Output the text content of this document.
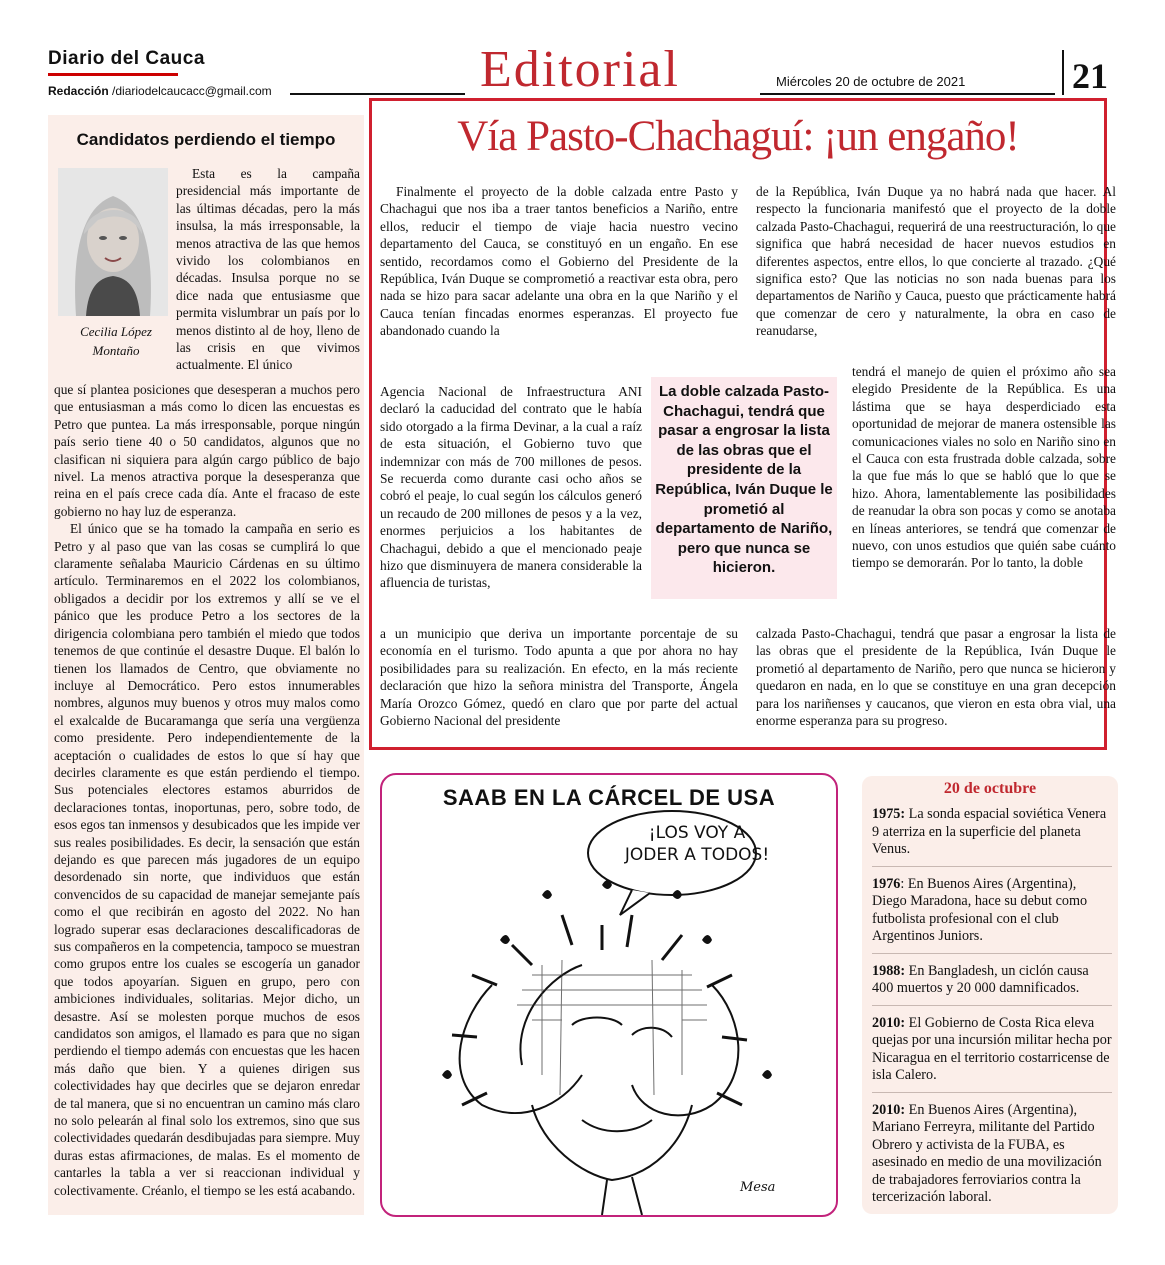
Diario del Cauca
Redacción /diariodelcaucacc@gmail.com	Editorial	Miércoles 20 de octubre de 2021	21
Candidatos perdiendo el tiempo
Cecilia López
Montaño
Esta es la campaña presidencial más importante de las últimas décadas, pero la más insulsa, la más irresponsable, la menos atractiva de las que hemos vivido los colombianos en décadas. Insulsa porque no se dice nada que entusiasme que permita vislumbrar un país por lo menos distinto al de hoy, lleno de las crisis en que vivimos actualmente. El único

que sí plantea posiciones que desesperan a muchos pero que entusiasman a más como lo dicen las encuestas es Petro que puntea. La más irresponsable, porque ningún país serio tiene 40 o 50 candidatos, algunos que no clasifican ni siquiera para algún cargo público de bajo nivel. La menos atractiva porque la desesperanza que reina en el país crece cada día. Ante el fracaso de este gobierno no hay luz de esperanza.

El único que se ha tomado la campaña en serio es Petro y al paso que van las cosas se cumplirá lo que claramente señalaba Mauricio Cárdenas en su último artículo. Terminaremos en el 2022 los colombianos, obligados a decidir por los extremos y allí se ve el pánico que les produce Petro a los sectores de la dirigencia colombiana pero también el miedo que todos tenemos de que continúe el desastre Duque. El balón lo tienen los llamados de Centro, que obviamente no incluye al Democrático. Pero estos innumerables nombres, algunos muy buenos y otros muy malos como el exalcalde de Bucaramanga que sería una vergüenza como presidente. Pero independientemente de la aceptación o cualidades de estos lo que sí hay que decirles claramente es que están perdiendo el tiempo. Sus potenciales electores estamos aburridos de declaraciones tontas, inoportunas, pero, sobre todo, de esos egos tan inmensos y desubicados que les impide ver sus reales posibilidades. Es decir, la sensación que están dejando es que parecen más jugadores de un equipo desordenado sin norte, que individuos que están convencidos de su capacidad de manejar semejante país como el que recibirán en agosto del 2022. No han logrado superar esas declaraciones descalificadoras de sus compañeros en la competencia, tampoco se muestran como grupos entre los cuales se escogería un ganador que todos apoyarían. Siguen en grupo, pero con ambiciones individuales, solitarias. Mejor dicho, un desastre. Así se molesten porque muchos de esos candidatos son amigos, el llamado es para que no sigan perdiendo el tiempo además con encuestas que les hacen más daño que bien. Y a quienes dirigen sus colectividades hay que decirles que se dejaron enredar de tal manera, que si no encuentran un camino más claro no solo pelearán al final solo los extremos, sino que sus colectividades quedarán desdibujadas para siempre. Muy duras estas afirmaciones, de malas. Es el momento de cantarles la tabla a ver si reaccionan individual y colectivamente. Créanlo, el tiempo se les está acabando.

Vía Pasto-Chachaguí: ¡un engaño!
Finalmente el proyecto de la doble calzada entre Pasto y Chachagui que nos iba a traer tantos beneficios a Nariño, entre ellos, reducir el tiempo de viaje hacia nuestro vecino departamento del Cauca, se constituyó en un engaño. En ese sentido, recordamos como el Gobierno del Presidente de la República, Iván Duque se comprometió a reactivar esta obra, pero nada se hizo para sacar adelante una obra en la que Nariño y el Cauca tenían fincadas enormes esperanzas. El proyecto fue abandonado cuando la
Agencia Nacional de Infraestructura ANI declaró la caducidad del contrato que le había sido otorgado a la firma Devinar, a la cual a raíz de esta situación, el Gobierno tuvo que indemnizar con más de 700 millones de pesos. Se recuerda como durante casi ocho años se cobró el peaje, lo cual según los cálculos generó un recaudo de 200 millones de pesos y a la vez, enormes perjuicios a los habitantes de Chachagui, debido a que el mencionado peaje hizo que disminuyera de manera considerable la afluencia de turistas,
a un municipio que deriva un importante porcentaje de su economía en el turismo. Todo apunta a que por ahora no hay posibilidades para su realización. En efecto, en la más reciente declaración que hizo la señora ministra del Transporte, Ángela María Orozco Gómez, quedó en claro que por parte del actual Gobierno Nacional del presidente
de la República, Iván Duque ya no habrá nada que hacer. Al respecto la funcionaria manifestó que el proyecto de la doble calzada Pasto-Chachagui, requerirá de una reestructuración, lo que significa que habrá necesidad de hacer nuevos estudios en diferentes aspectos, entre ellos, lo que concierte al trazado. ¿Qué significa esto? Que las noticias no son nada buenas para los departamentos de Nariño y Cauca, puesto que prácticamente habrá que comenzar de cero y naturalmente, la obra en caso de reanudarse,
tendrá el manejo de quien el próximo año sea elegido Presidente de la República. Es una lástima que se haya desperdiciado esta oportunidad de mejorar de manera ostensible las comunicaciones viales no solo en Nariño sino en el Cauca con esta frustrada doble calzada, sobre la que fue más lo que se habló que lo que se hizo. Ahora, lamentablemente las posibilidades de reanudar la obra son pocas y como se anotaba en líneas anteriores, se tendrá que comenzar de nuevo, con unos estudios que quién sabe cuánto tiempo se demorarán. Por lo tanto, la doble
calzada Pasto-Chachagui, tendrá que pasar a engrosar la lista de las obras que el presidente de la República, Iván Duque le prometió al departamento de Nariño, pero que nunca se hicieron y quedaron en nada, en lo que se constituye en una gran decepción para los nariñenses y caucanos, que vieron en esta obra vial, una enorme esperanza para su progreso.
La doble calzada Pasto-Chachagui, tendrá que pasar a engrosar la lista de las obras que el presidente de la República, Iván Duque le prometió al departamento de Nariño, pero que nunca se hicieron.
SAAB EN LA CÁRCEL DE USA
¡LOS VOY A
JODER A TODOS!
Mesa
20 de octubre

1975: La sonda espacial soviética Venera 9 aterriza en la superficie del planeta Venus.

1976: En Buenos Aires (Argentina), Diego Maradona, hace su debut como futbolista profesional con el club Argentinos Juniors.

1988: En Bangladesh, un ciclón causa 400 muertos y 20 000 damnificados.

2010: El Gobierno de Costa Rica eleva quejas por una incursión militar hecha por Nicaragua en el territorio costarricense de isla Calero.

2010: En Buenos Aires (Argentina), Mariano Ferreyra, militante del Partido Obrero y activista de la FUBA, es asesinado en medio de una movilización de trabajadores ferroviarios contra la tercerización laboral.
